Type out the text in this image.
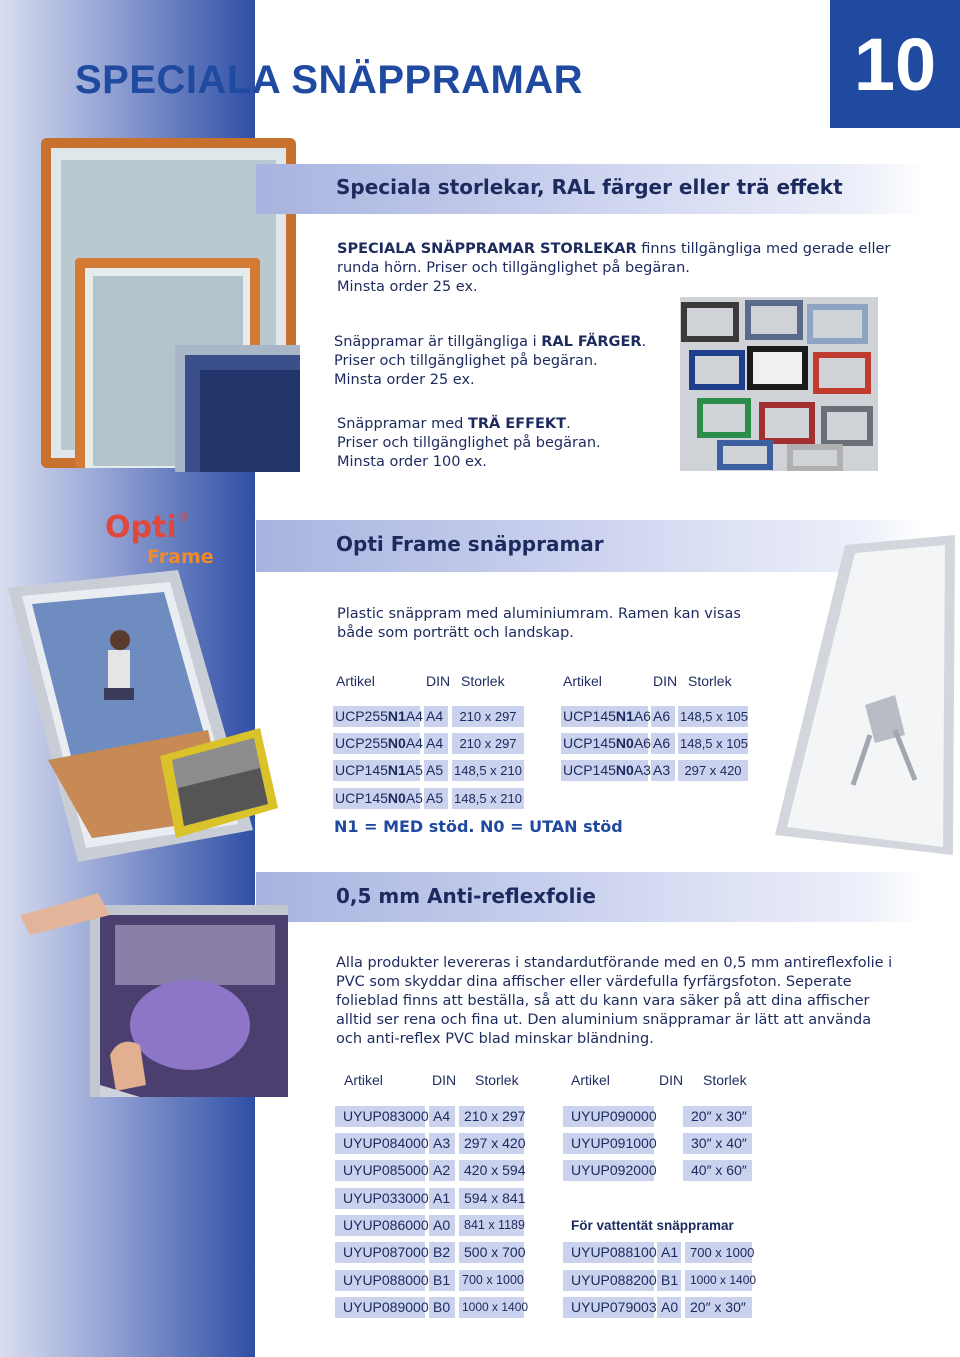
SPECIALA SNÄPPRAMAR	10
Speciala storlekar, RAL färger eller trä effekt
SPECIALA SNÄPPRAMAR STORLEKAR finns tillgängliga med gerade eller
runda hörn. Priser och tillgänglighet på begäran.
Minsta order 25 ex.
Snäppramar är tillgängliga i RAL FÄRGER.
Priser och tillgänglighet på begäran.
Minsta order 25 ex.
Snäppramar med TRÄ EFFEKT.
Priser och tillgänglighet på begäran.
Minsta order 100 ex.
Opti ®
Frame
Opti Frame snäppramar
Plastic snäppram med aluminiumram. Ramen kan visas
både som porträtt och landskap.
Artikel	DIN Storlek	Artikel	DIN Storlek
UCP255N1A4 A4	210 x 297
UCP255N0A4 A4	210 x 297
UCP145N1A5 A5 148,5 x 210
UCP145N0A5 A5 148,5 x 210
UCP145N1A6 A6 148,5 x 105
UCP145N0A6 A6 148,5 x 105
UCP145N0A3 A3	297 x 420
N1 = MED stöd. N0 = UTAN stöd
0,5 mm Anti-reflexfolie
Alla produkter levereras i standardutförande med en 0,5 mm antireflexfolie i
PVC som skyddar dina affischer eller värdefulla fyrfärgsfoton. Seperate
folieblad finns att beställa, så att du kann vara säker på att dina affischer
alltid ser rena och fina ut. Den aluminium snäppramar är lätt att använda
och anti-reflex PVC blad minskar bländning.
Artikel	DIN Storlek	Artikel	DIN Storlek
UYUP083000 A4 210 x 297
UYUP084000 A3 297 x 420
UYUP085000 A2 420 x 594
UYUP033000 A1 594 x 841
UYUP086000 A0	841 x 1189
UYUP087000 B2 500 x 700
UYUP088000 B1 700 x 1000
UYUP089000 B0 1000 x 1400
UYUP090000	20″ x 30″
UYUP091000	30″ x 40″
UYUP092000	40″ x 60″
För vattentät snäppramar
UYUP088100 A1 700 x 1000
UYUP088200 B1 1000 x 1400
UYUP079003 A0 20″ x 30″
